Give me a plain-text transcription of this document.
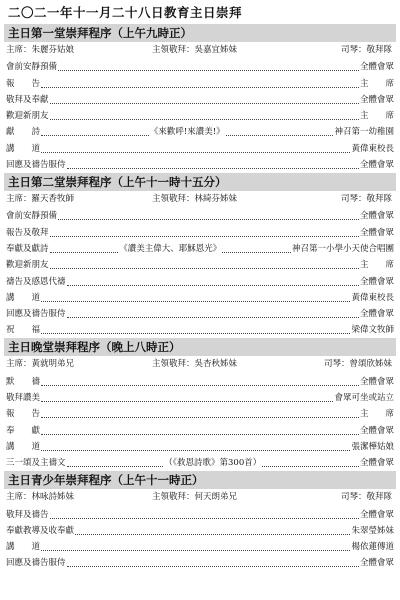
二〇二一年十一月二十八日教育主日崇拜
主日第一堂崇拜程序（上午九時正）
主席：朱麗芬姑娘	主領敬拜：吳嘉宜姊妹	司琴：敬拜隊
會前安靜預備	全體會眾
報　　告	主　　席
敬拜及奉獻	全體會眾
歡迎新朋友	主　　席
獻　　詩	《來歡呼!來讚美!》	神召第一幼稚園
講　　道	黃偉東校長
回應及禱告服侍	全體會眾
主日第二堂崇拜程序（上午十一時十五分）
主席：羅天香牧師	主領敬拜：林綺芬姊妹	司琴：敬拜隊
會前安靜預備	全體會眾
報告及敬拜	全體會眾
奉獻及獻詩	《讚美主偉大、耶穌恩光》	神召第一小學小天使合唱團
歡迎新朋友	主　　席
禱告及感恩代禱	全體會眾
講　　道	黃偉東校長
回應及禱告服侍	全體會眾
祝　　福	梁偉文牧師
主日晚堂崇拜程序（晚上八時正）
主席：黃就明弟兄	主領敬拜：吳杏秋姊妹	司琴：曾頌欣姊妹
默　　禱	全體會眾
敬拜讚美	會眾可坐或站立
報　　告	主　　席
奉　　獻	全體會眾
講　　道	張潔樺姑娘
三一頌及主禱文	（《救恩詩歌》第300首）	全體會眾
主日青少年崇拜程序（上午十一時正）
主席：林咏詩姊妹	主領敬拜：何天朗弟兄	司琴：敬拜隊
敬拜及禱告	全體會眾
奉獻教導及收奉獻	朱翠瑩姊妹
講　　道	楊依蓮傳道
回應及禱告服侍	全體會眾
